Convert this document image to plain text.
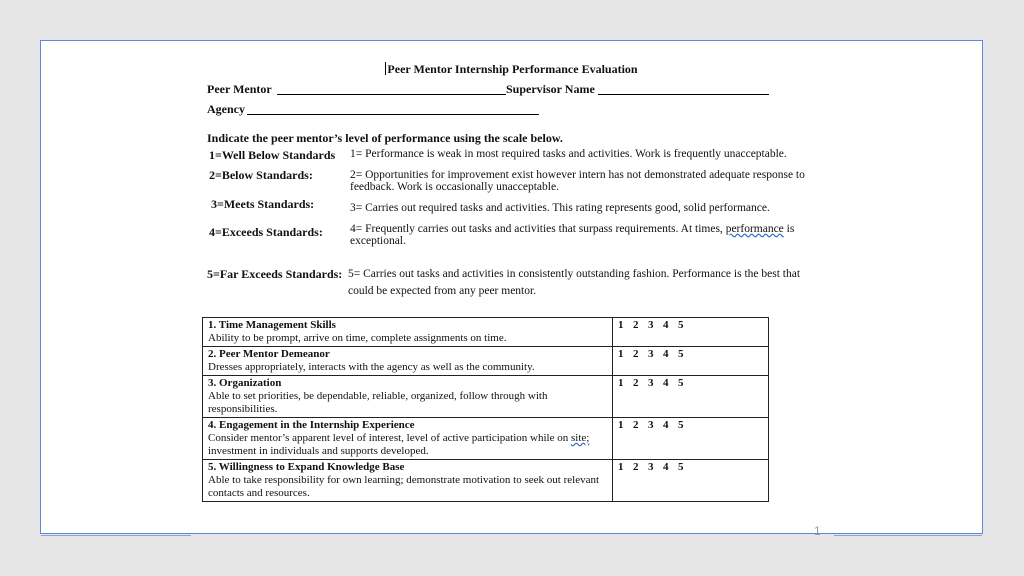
Peer Mentor Internship Performance Evaluation
Peer Mentor	Supervisor Name
Agency
Indicate the peer mentor’s level of performance using the scale below.
1=Well Below Standards 1= Performance is weak in most required tasks and activities. Work is frequently unacceptable.
2=Below Standards:	2= Opportunities for improvement exist however intern has not demonstrated adequate response to feedback. Work is occasionally unacceptable.
3=Meets Standards:	3= Carries out required tasks and activities. This rating represents good, solid performance.
4=Exceeds Standards: 4= Frequently carries out tasks and activities that surpass requirements. At times, performance is exceptional.
5=Far Exceeds Standards: 5= Carries out tasks and activities in consistently outstanding fashion. Performance is the best that could be expected from any peer mentor.
1. Time Management Skills
Ability to be prompt, arrive on time, complete assignments on time.	1 2 3 4 5

2. Peer Mentor Demeanor
Dresses appropriately, interacts with the agency as well as the community.	1 2 3 4 5

3. Organization
Able to set priorities, be dependable, reliable, organized, follow through with responsibilities.	1 2 3 4 5

4. Engagement in the Internship Experience
Consider mentor’s apparent level of interest, level of active participation while on site; investment in individuals and supports developed.	1 2 3 4 5

5. Willingness to Expand Knowledge Base
Able to take responsibility for own learning; demonstrate motivation to seek out relevant contacts and resources.	1 2 3 4 5
1
